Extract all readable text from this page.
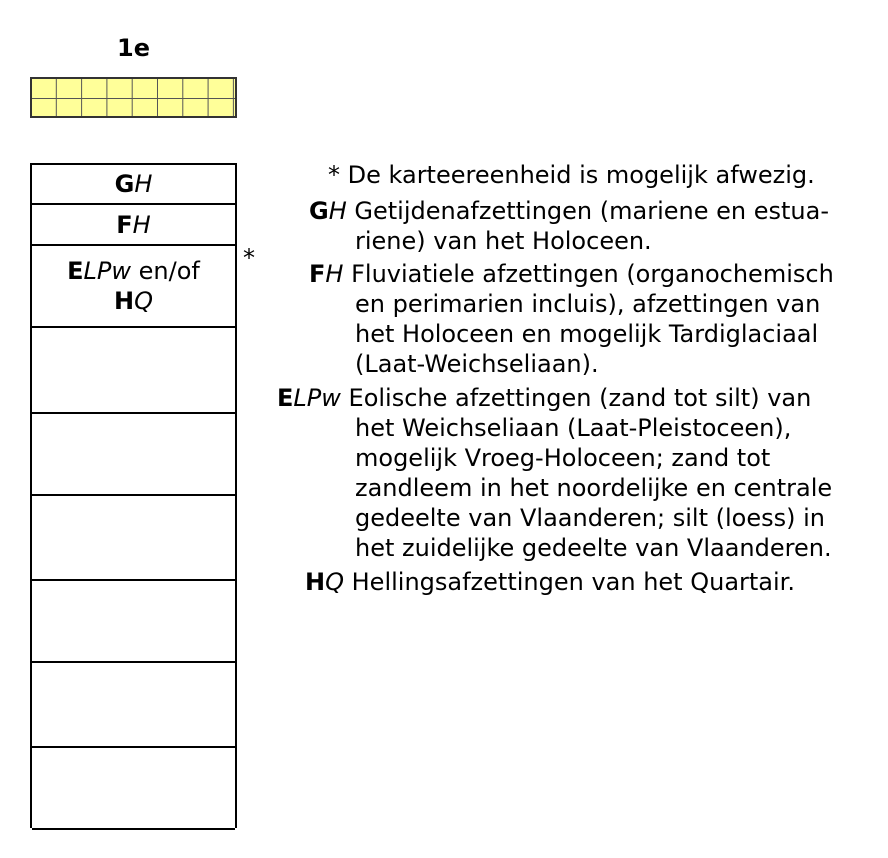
1e
GH
FH
ELPw en/of
HQ
*
* De karteereenheid is mogelijk afwezig.
GH Getijdenafzettingen (mariene en estua-
riene) van het Holoceen.
FH Fluviatiele afzettingen (organochemisch
en perimarien incluis), afzettingen van
het Holoceen en mogelijk Tardiglaciaal
(Laat-Weichseliaan).
ELPw Eolische afzettingen (zand tot silt) van
het Weichseliaan (Laat-Pleistoceen),
mogelijk Vroeg-Holoceen; zand tot
zandleem in het noordelijke en centrale
gedeelte van Vlaanderen; silt (loess) in
het zuidelijke gedeelte van Vlaanderen.
HQ Hellingsafzettingen van het Quartair.
